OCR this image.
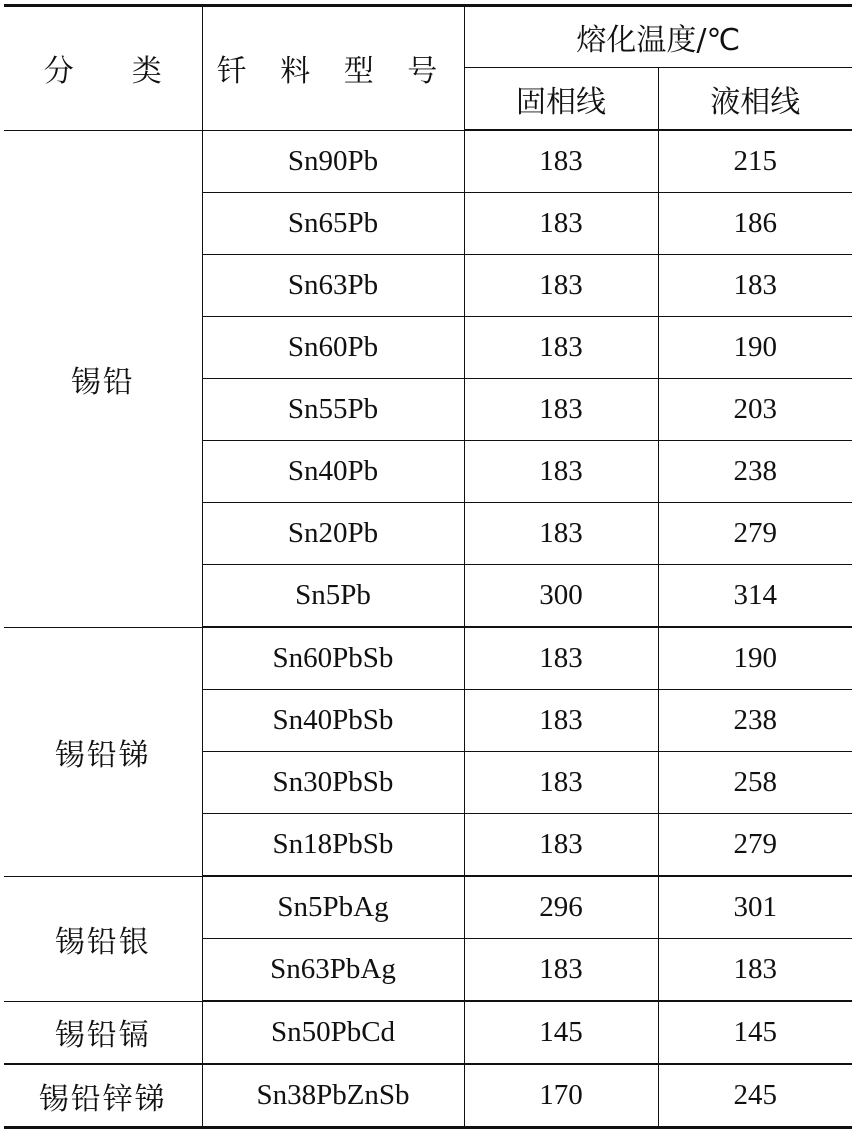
分 类	钎 料 型 号	熔化温度/℃	
		固相线	液相线
锡铅	Sn90Pb	183	215
	Sn65Pb	183	186
	Sn63Pb	183	183
	Sn60Pb	183	190
	Sn55Pb	183	203
	Sn40Pb	183	238
	Sn20Pb	183	279
	Sn5Pb	300	314
锡铅锑	Sn60PbSb	183	190
	Sn40PbSb	183	238
	Sn30PbSb	183	258
	Sn18PbSb	183	279
锡铅银	Sn5PbAg	296	301
	Sn63PbAg	183	183
锡铅镉	Sn50PbCd	145	145
锡铅锌锑	Sn38PbZnSb	170	245
